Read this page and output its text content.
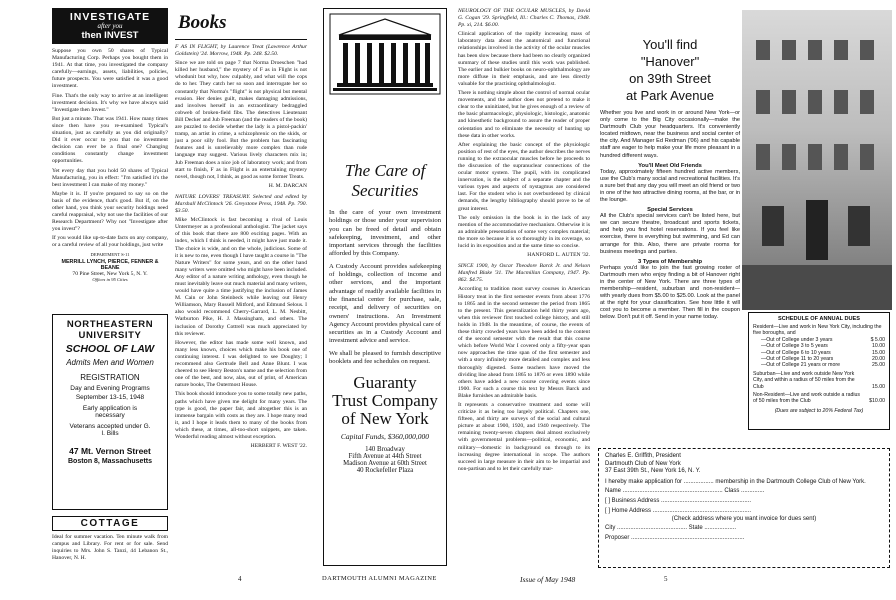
INVESTIGATE
after you
then INVEST

Suppose you own 50 shares of Typical Manufacturing Corp. Perhaps you bought them in 1941. At that time, you investigated the company carefully—earnings, assets, liabilities, policies, future prospects. You were satisfied it was a good investment.

Fine. That's the only way to arrive at an intelligent investment decision. It's why we have always said "Investigate then Invest."

But just a minute. That was 1941. How many times since then have you re-examined Typical's situation, just as carefully as you did originally? Did it ever occur to you that no investment decision can ever be a final one? Changing conditions constantly change investment opportunities.

Yet every day that you hold 50 shares of Typical Manufacturing, you in effect: "I'm satisfied it's the best investment I can make of my money."

Maybe it is. If you're prepared to say so on the basis of the evidence, that's good. But if, on the other hand, you think your security holdings need careful reappraisal, why not use the facilities of our Research Department? Why not "Investigate after you invest"?

If you would like up-to-date facts on any company, or a careful review of all your holdings, just write

DEPARTMENT S-11
MERRILL LYNCH, PIERCE, FENNER & BEANE
70 Pine Street, New York 5, N. Y.
Offices in 95 Cities
NORTHEASTERN
UNIVERSITY
SCHOOL OF LAW
Admits Men and Women
REGISTRATION
Day and Evening Programs
September 13-15, 1948
Early application is necessary
Veterans accepted under G. I. Bills
47 Mt. Vernon Street
Boston 8, Massachusetts
COTTAGE

Ideal for summer vacation. Ten minute walk from campus and Library. For rent or for sale. Send inquiries to Mrs. John S. Tanzi, 44 Lebanon St., Hanover, N. H.

Books

F AS IN FLIGHT, by Laurence Treat (Lawrence Arthur Goldstein) '24. Morrow, 1948. Pp. 248. $2.50.

Since we are told on page 7 that Norma Droeschen "had killed her husband," the mystery of F as in Flight is not whodunit but why, how culpably, and what will the cops do to her. They catch her so soon and interrogate her so constantly that Norma's "flight" is not physical but mental evasion. Her denies guilt, makes damaging admissions, and involves herself in an extraordinary bedraggled cobweb of broken-field fibs. The detectives Lieutenant Bill Decker and Jub Freeman (and the readers of the book) are puzzled to decide whether the lady is a pistol-packin' tramp, an artist in crime, a schizophrenic on the skids, or just a poor silly fool. But the problem has fascinating features and is unrelievably more complex than rude language may suggest. Various lively characters mix in; Jub Freeman does a nice job of laboratory work; and from start to finish, F as in Flight is an entertaining mystery novel, though not, I think, as good as some former Treats.

H. M. DARCAN

NATURE LOVERS' TREASURY. Selected and edited by Marshall McClintock '26. Greystone Press, 1948. Pp. 790. $3.50.

Mike McClintock is fast becoming a rival of Louis Untermeyer as a professional anthologist. The jacket says of this book that there are 800 exciting pages. With an index, which I think is needed, it might have just made it. The choice is wide, and on the whole, judicious. Some of it is new to me, even though I have taught a course in "The Nature Writers" for some years, and on the other hand many writers were omitted who might have been included. Any editor of a nature writing anthology, even though he must inevitably leave out much material and many writers, would have quite a time justifying the inclusion of James M. Cain or John Steinbeck while leaving out Henry Williamson, Mary Russell Mitford, and Edmund Selous. I also would recommend Cherry-Garrard, L. M. Nesbitt, Warburton Pike, H. J. Massingham, and others. The inclusion of Dorothy Cottrell was much appreciated by this reviewer.

However, the editor has made some well known, and many less known, choices which make his book one of continuing interest. I was delighted to see Doughty; I recommend also Gertrude Bell and Anne Blunt. I was cheered to see Henry Beston's name and the selection from one of the best, and now, alas, out of print, of American nature books, The Outermost House.

This book should introduce you to some totally new paths, paths which have given me delight for many years. The type is good, the paper fair, and altogether this is an immense bargain with costs as they are. I hope many read it, and I hope it leads them to many of the books from which these, at times, all-too-short snippets, are taken. Wonderful reading almost without exception.

HERBERT F. WEST '22.

4
The Care of
Securities

In the care of your own investment holdings or those under your supervision you can be freed of detail and obtain safekeeping, investment, and other important services through the facilities afforded by this Company.

A Custody Account provides safekeeping of holdings, collection of income and other services, and the important advantage of readily available facilities in the financial center for purchase, sale, receipt, and delivery of securities on owners' instructions. An Investment Agency Account provides physical care of securities as in a Custody Account and investment advice and service.

We shall be pleased to furnish descriptive booklets and fee schedules on request.

Guaranty
Trust Company
of New York
Capital Funds, $360,000,000
140 Broadway
Fifth Avenue at 44th Street
Madison Avenue at 60th Street
40 Rockefeller Plaza
DARTMOUTH ALUMNI MAGAZINE

NEUROLOGY OF THE OCULAR MUSCLES, by David G. Cogan '29. Springfield, Ill.: Charles C. Thomas, 1948. Pp. xi, 214. $6.00.

Clinical application of the rapidly increasing mass of laboratory data about the anatomical and functional relationships involved in the activity of the ocular muscles has been slow because there had been no clearly organized summary of these studies until this work was published. The earlier and bulkier books on neuro-ophthalmology are more diffuse in their emphasis, and are less directly valuable for the practising ophthalmologist.

There is nothing simple about the control of normal ocular movements, and the author does not pretend to make it clear to the uninitiated, but he gives enough of a review of the basic pharmacologic, physiologic, histologic, anatomic and kinesthetic background to assure the reader of proper orientation and to eliminate the necessity of hunting up these data in other works.

After explaining the basic concept of the physiologic position of rest of the eyes, the author describes the nerves running to the extraocular muscles before he proceeds to the discussion of the supranuclear connections of the ocular motor system. The pupil, with its complicated innervation, is the subject of a separate chapter and the various types and aspects of nystagmus are considered last. For the student who is not overburdened by clinical demands, the lengthy bibliography should prove to be of great interest.

The only omission in the book is in the lack of any mention of the accommodative mechanism. Otherwise it is an admirable presentation of some very complex material; the more so because it is so thoroughly in its coverage, so lucid in its exposition and at the same time so concise.

HANFORD L. AUTEN '32.

SINCE 1900, by Oscar Theodore Barck Jr. and Nelson Manfred Blake '31. The Macmillan Company, 1947. Pp. 862. $4.75.

According to tradition most survey courses in American History treat in the first semester events from about 1776 to 1865 and in the second semester the period from 1865 to the present. This generalization held thirty years ago, when this reviewer first touched college history, and still holds in 1948. In the meantime, of course, the events of these thirty crowded years have been added to the content of the second semester with the result that this course which before World War I covered only a fifty-year span now approaches the time span of the first semester and with a story infinitely more detailed and complex and less thoroughly digested. Some teachers have moved the dividing line ahead from 1865 to 1876 or even 1890 while others have added a new course covering events since 1900. For such a course this text by Messrs Barck and Blake furnishes an admirable basis.

It represents a conservative treatment and some will criticize it as being too largely political. Chapters one, fifteen, and thirty are surveys of the social and cultural picture at about 1900, 1920, and 1940 respectively. The remaining twenty-seven chapters deal almost exclusively with governmental problems—political, economic, and military—domestic in background on through to its increasing degree international in scope. The authors succeed in large measure in their aim to be impartial and non-partisan and to let their carefully mar-

Issue of May 1948
You'll find
"Hanover"
on 39th Street
at Park Avenue

Whether you live and work in or around New York—or only come to the Big City occasionally—make the Dartmouth Club your headquarters. It's conveniently located midtown, near the business and social center of the city. And Manager Ed Redman ('06) and his capable staff are eager to help make your life more pleasant in a hundred different ways.

You'll Meet Old Friends

Today, approximately fifteen hundred active members, use the Club's many social and recreational facilities. It's a sure bet that any day you will meet an old friend or two in one of the two attractive dining rooms, at the bar, or in the lounge.

Special Services

All the Club's special services can't be listed here, but we can secure theatre, broadcast and sports tickets, and help you find hotel reservations. If you feel like exercise, there is everything but swimming, and Ed can arrange for this. Also, there are private rooms for business meetings and parties.

3 Types of Membership

Perhaps you'd like to join the fast growing roster of Dartmouth men who enjoy finding a bit of Hanover right in the center of New York. There are three types of membership—resident, suburban and non-resident—with yearly dues from $5.00 to $25.00. Look at the panel at the right for your classification. See how little it will cost you to become a member. Then fill in the coupon below. Don't put it off. Send in your name today.	SCHEDULE OF ANNUAL DUES
Resident—Live and work in New York City, including the five boroughs, and
—Out of College under 3 years	$ 5.00
—Out of College 3 to 5 years	10.00
—Out of College 6 to 10 years	15.00
—Out of College 11 to 20 years	20.00
—Out of College 21 years or more	25.00
Suburban—Live and work outside New York City, and within a radius of 50 miles from the Club	15.00
Non-Resident—Live and work outside a radius of 50 miles from the Club	$10.00
(Dues are subject to 20% Federal Tax)
Charles E. Griffith, President
Dartmouth Club of New York
37 East 39th St., New York 16, N. Y.
I hereby make application for .................. membership in the Dartmouth College Club of New York.
Name ............................................................ Class ..............
[ ] Business Address ......................................................
[ ] Home Address ...........................................................
(Check address where you want invoice for dues sent)
City .......................................... State ...................
Proposer ....................................................................
5
